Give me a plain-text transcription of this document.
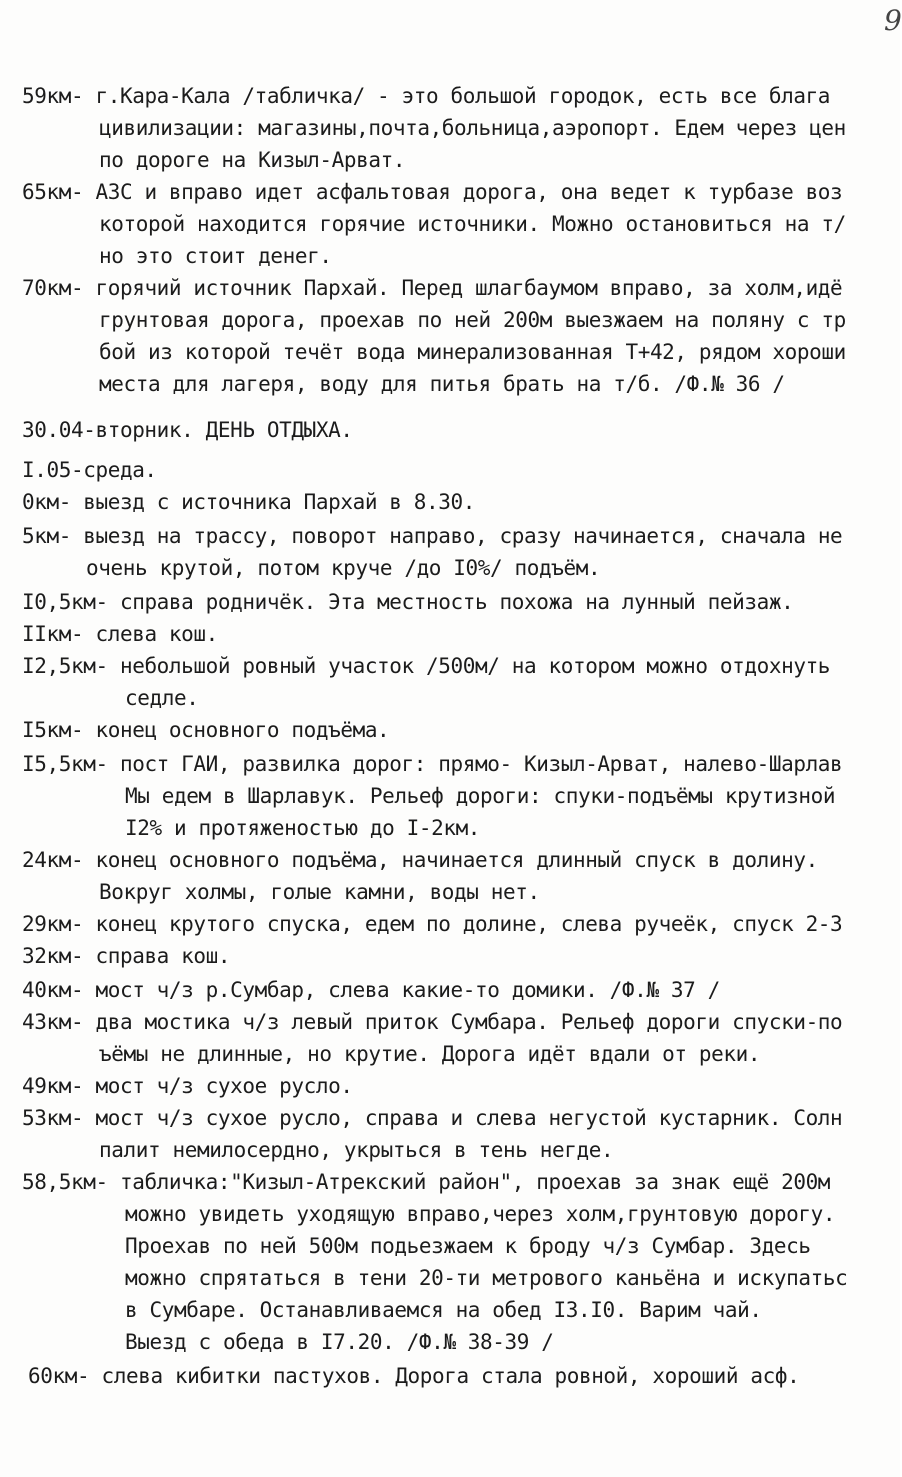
9
59км- г.Кара-Кала /табличка/ - это большой городок, есть все блага
цивилизации: магазины,почта,больница,аэропорт. Едем через цен
по дороге на Кизыл-Арват.
65км- АЗС и вправо идет асфальтовая дорога, она ведет к турбазе воз
которой находится горячие источники. Можно остановиться на т/
но это стоит денег.
70км- горячий источник Пархай. Перед шлагбаумом вправо, за холм,идё
грунтовая дорога, проехав по ней 200м выезжаем на поляну с тр
бой из которой течёт вода минерализованная Т+42, рядом хороши
места для лагеря, воду для питья брать на т/б. /Ф.№ 36 /
30.04-вторник. ДЕНЬ ОТДЫХА.
I.05-среда.
0км- выезд с источника Пархай в 8.30.
5км- выезд на трассу, поворот направо, сразу начинается, сначала не
очень крутой, потом круче /до I0%/ подъём.
I0,5км- справа родничёк. Эта местность похожа на лунный пейзаж.
IIкм- слева кош.
I2,5км- небольшой ровный участок /500м/ на котором можно отдохнуть
седле.
I5км- конец основного подъёма.
I5,5км- пост ГАИ, развилка дорог: прямо- Кизыл-Арват, налево-Шарлав
Мы едем в Шарлавук. Рельеф дороги: спуки-подъёмы крутизной
I2% и протяженостью до I-2км.
24км- конец основного подъёма, начинается длинный спуск в долину.
Вокруг холмы, голые камни, воды нет.
29км- конец крутого спуска, едем по долине, слева ручеёк, спуск 2-3
32км- справа кош.
40км- мост ч/з р.Сумбар, слева какие-то домики. /Ф.№ 37 /
43км- два мостика ч/з левый приток Сумбара. Рельеф дороги спуски-по
ъёмы не длинные, но крутие. Дорога идёт вдали от реки.
49км- мост ч/з сухое русло.
53км- мост ч/з сухое русло, справа и слева негустой кустарник. Солн
палит немилосердно, укрыться в тень негде.
58,5км- табличка:"Кизыл-Атрекский район", проехав за знак ещё 200м
можно увидеть уходящую вправо,через холм,грунтовую дорогу.
Проехав по ней 500м подьезжаем к броду ч/з Сумбар. Здесь
можно спрятаться в тени 20-ти метрового каньёна и искупатьс
в Сумбаре. Останавливаемся на обед I3.I0. Варим чай.
Выезд с обеда в I7.20. /Ф.№ 38-39 /
60км- слева кибитки пастухов. Дорога стала ровной, хороший асф.
